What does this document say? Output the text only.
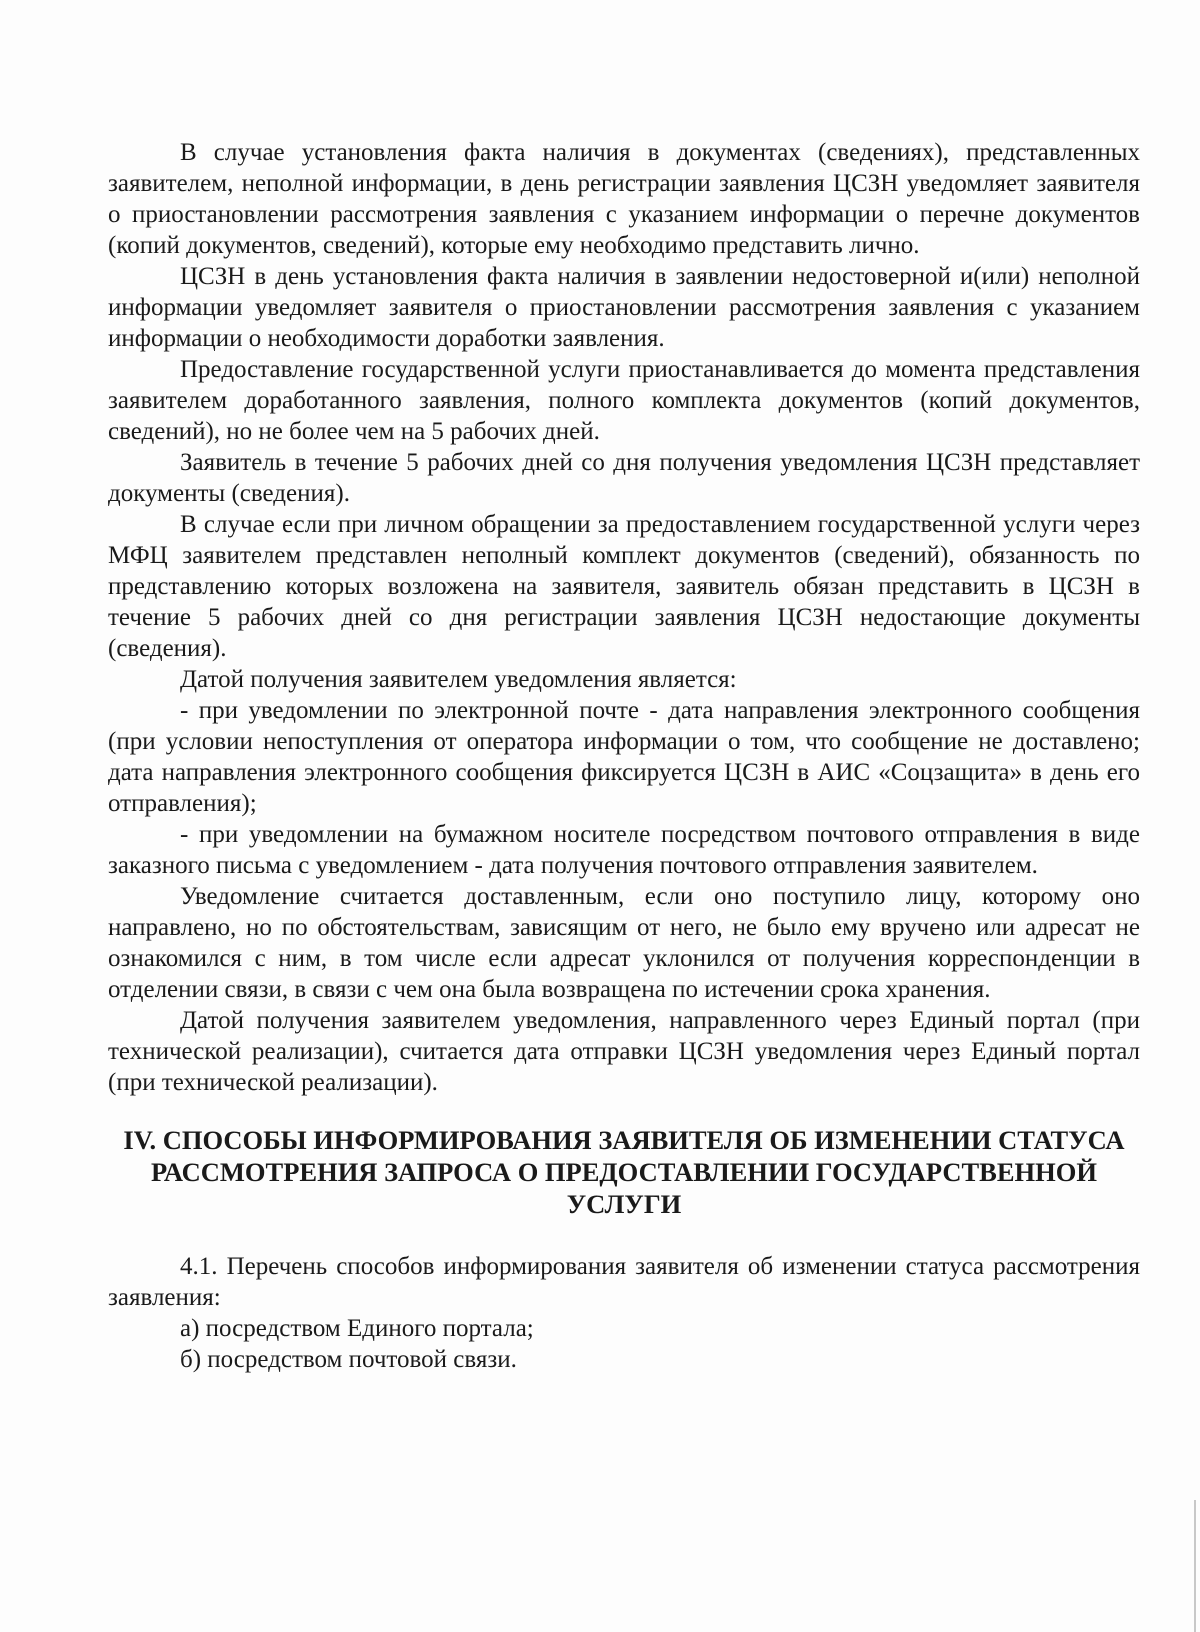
В случае установления факта наличия в документах (сведениях), представленных заявителем, неполной информации, в день регистрации заявления ЦСЗН уведомляет заявителя о приостановлении рассмотрения заявления с указанием информации о перечне документов (копий документов, сведений), которые ему необходимо представить лично.

ЦСЗН в день установления факта наличия в заявлении недостоверной и(или) неполной информации уведомляет заявителя о приостановлении рассмотрения заявления с указанием информации о необходимости доработки заявления.

Предоставление государственной услуги приостанавливается до момента представления заявителем доработанного заявления, полного комплекта документов (копий документов, сведений), но не более чем на 5 рабочих дней.

Заявитель в течение 5 рабочих дней со дня получения уведомления ЦСЗН представляет документы (сведения).

В случае если при личном обращении за предоставлением государственной услуги через МФЦ заявителем представлен неполный комплект документов (сведений), обязанность по представлению которых возложена на заявителя, заявитель обязан представить в ЦСЗН в течение 5 рабочих дней со дня регистрации заявления ЦСЗН недостающие документы (сведения).

Датой получения заявителем уведомления является:

- при уведомлении по электронной почте - дата направления электронного сообщения (при условии непоступления от оператора информации о том, что сообщение не доставлено; дата направления электронного сообщения фиксируется ЦСЗН в АИС «Соцзащита» в день его отправления);

- при уведомлении на бумажном носителе посредством почтового отправления в виде заказного письма с уведомлением - дата получения почтового отправления заявителем.

Уведомление считается доставленным, если оно поступило лицу, которому оно направлено, но по обстоятельствам, зависящим от него, не было ему вручено или адресат не ознакомился с ним, в том числе если адресат уклонился от получения корреспонденции в отделении связи, в связи с чем она была возвращена по истечении срока хранения.

Датой получения заявителем уведомления, направленного через Единый портал (при технической реализации), считается дата отправки ЦСЗН уведомления через Единый портал (при технической реализации).

IV. СПОСОБЫ ИНФОРМИРОВАНИЯ ЗАЯВИТЕЛЯ ОБ ИЗМЕНЕНИИ СТАТУСА РАССМОТРЕНИЯ ЗАПРОСА О ПРЕДОСТАВЛЕНИИ ГОСУДАРСТВЕННОЙ УСЛУГИ

4.1. Перечень способов информирования заявителя об изменении статуса рассмотрения заявления:

а) посредством Единого портала;

б) посредством почтовой связи.
